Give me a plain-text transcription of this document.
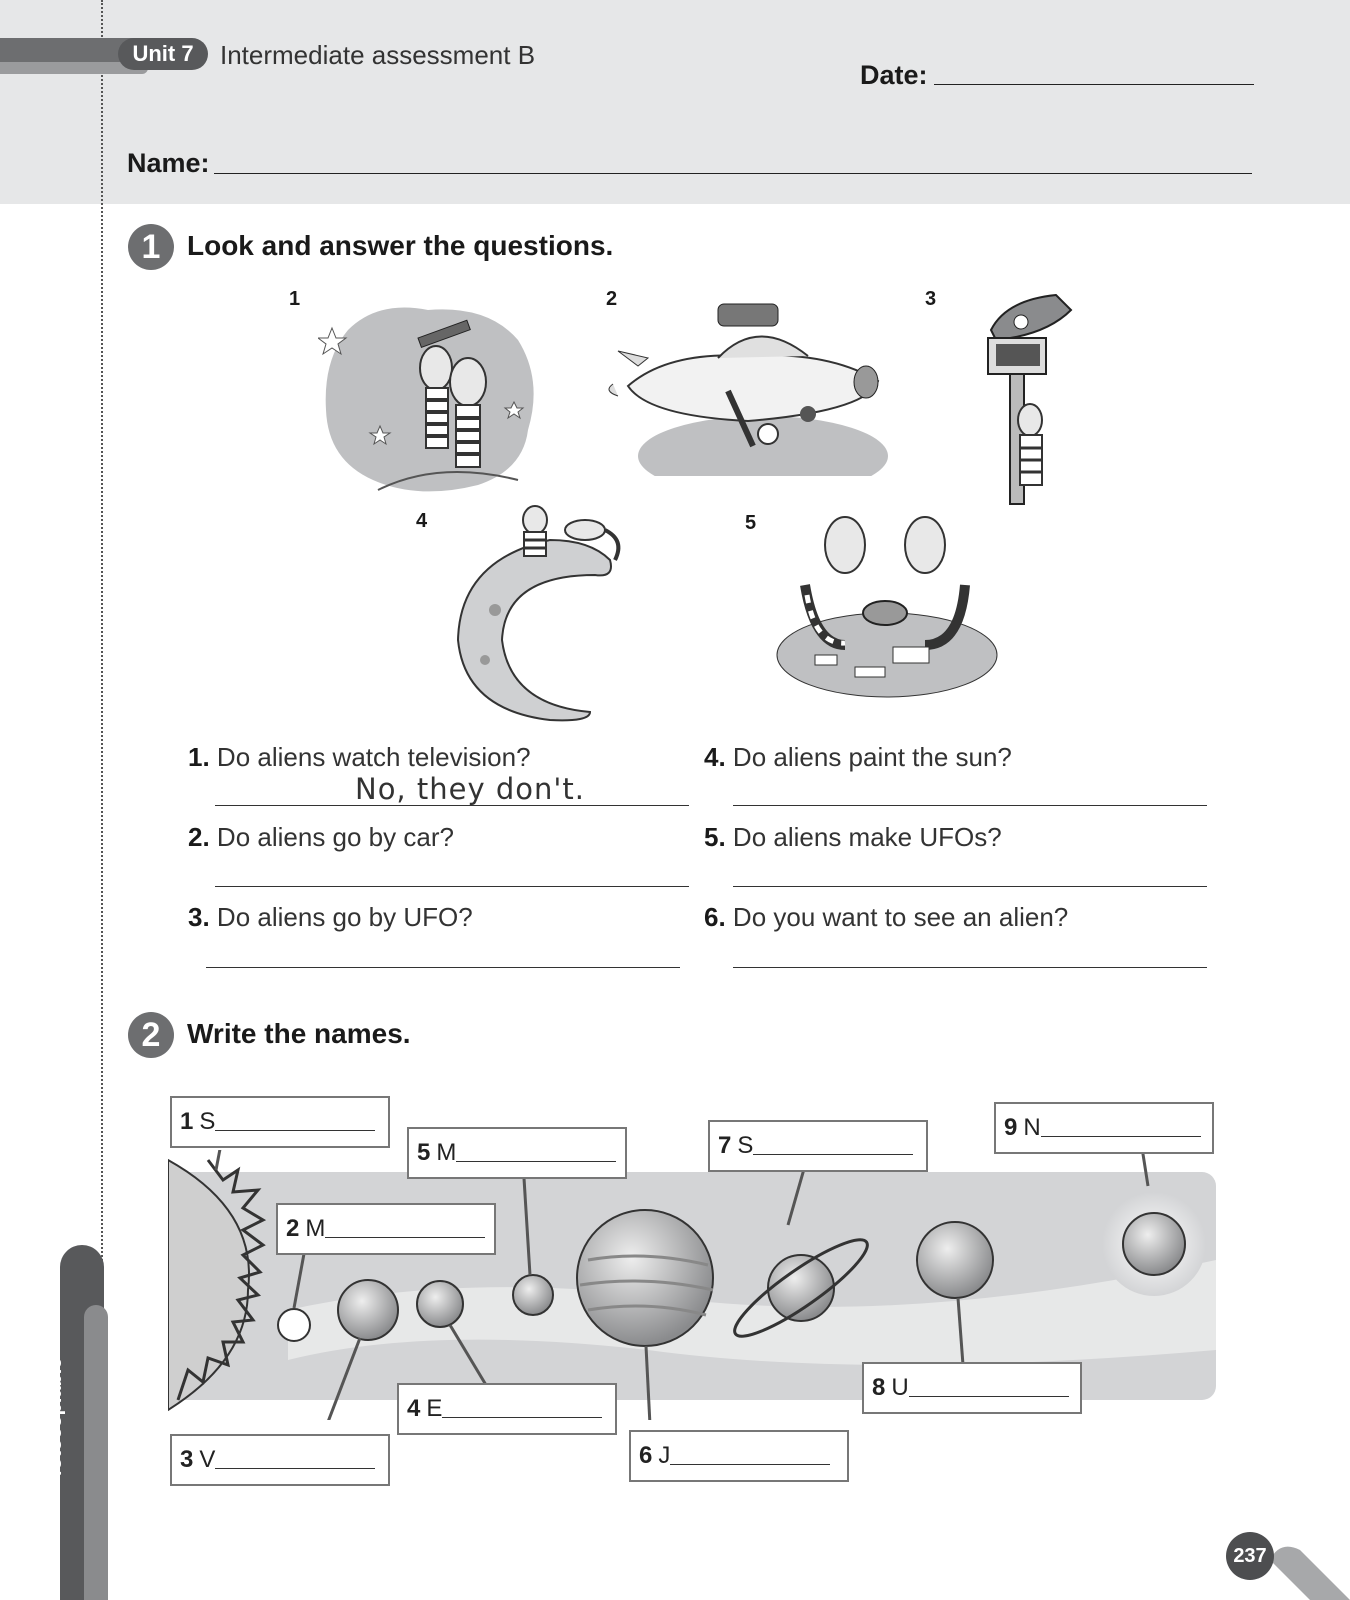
Unit 7	Intermediate assessment B
Date:
Name:
1 Look and answer the questions.
1	2	3
4	5
1. Do aliens watch television?
No, they don't.
2. Do aliens go by car?
3. Do aliens go by UFO?
4. Do aliens paint the sun?
5. Do aliens make UFOs?
6. Do you want to see an alien?
2 Write the names.
1 S
2 M
3 V
4 E
5 M
6 J
7 S
8 U
9 N
Material fotocopiable
237
